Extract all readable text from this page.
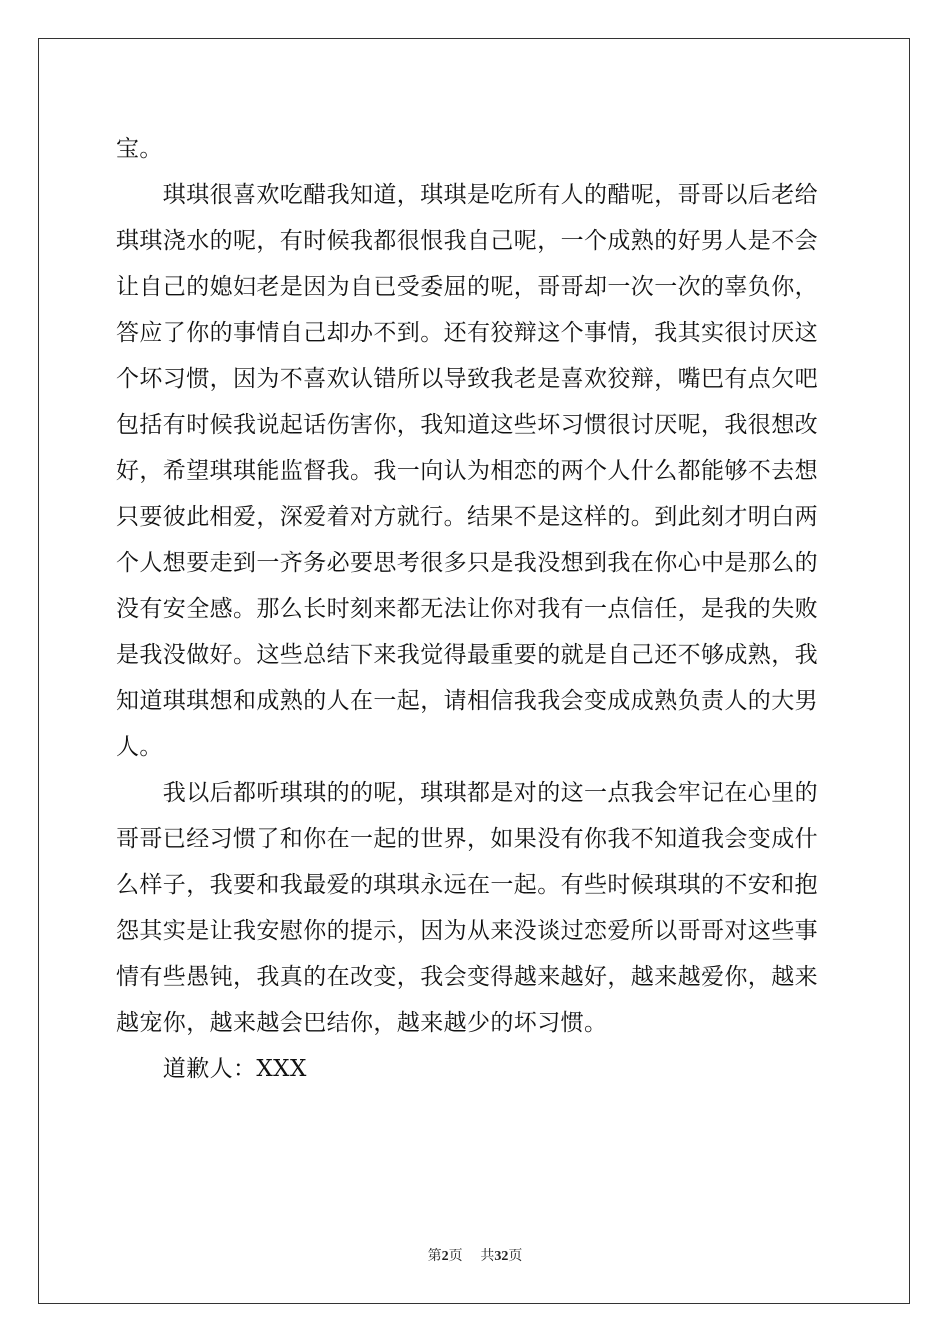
宝。
　　琪琪很喜欢吃醋我知道，琪琪是吃所有人的醋呢，哥哥以后老给
琪琪浇水的呢，有时候我都很恨我自己呢，一个成熟的好男人是不会
让自己的媳妇老是因为自已受委屈的呢，哥哥却一次一次的辜负你，
答应了你的事情自己却办不到。还有狡辩这个事情，我其实很讨厌这
个坏习惯，因为不喜欢认错所以导致我老是喜欢狡辩，嘴巴有点欠吧
包括有时候我说起话伤害你，我知道这些坏习惯很讨厌呢，我很想改
好，希望琪琪能监督我。我一向认为相恋的两个人什么都能够不去想
只要彼此相爱，深爱着对方就行。结果不是这样的。到此刻才明白两
个人想要走到一齐务必要思考很多只是我没想到我在你心中是那么的
没有安全感。那么长时刻来都无法让你对我有一点信任，是我的失败
是我没做好。这些总结下来我觉得最重要的就是自己还不够成熟，我
知道琪琪想和成熟的人在一起，请相信我我会变成成熟负责人的大男
人。
　　我以后都听琪琪的的呢，琪琪都是对的这一点我会牢记在心里的
哥哥已经习惯了和你在一起的世界，如果没有你我不知道我会变成什
么样子，我要和我最爱的琪琪永远在一起。有些时候琪琪的不安和抱
怨其实是让我安慰你的提示，因为从来没谈过恋爱所以哥哥对这些事
情有些愚钝，我真的在改变，我会变得越来越好，越来越爱你，越来
越宠你，越来越会巴结你，越来越少的坏习惯。
　　道歉人：XXX
第2页 共32页
